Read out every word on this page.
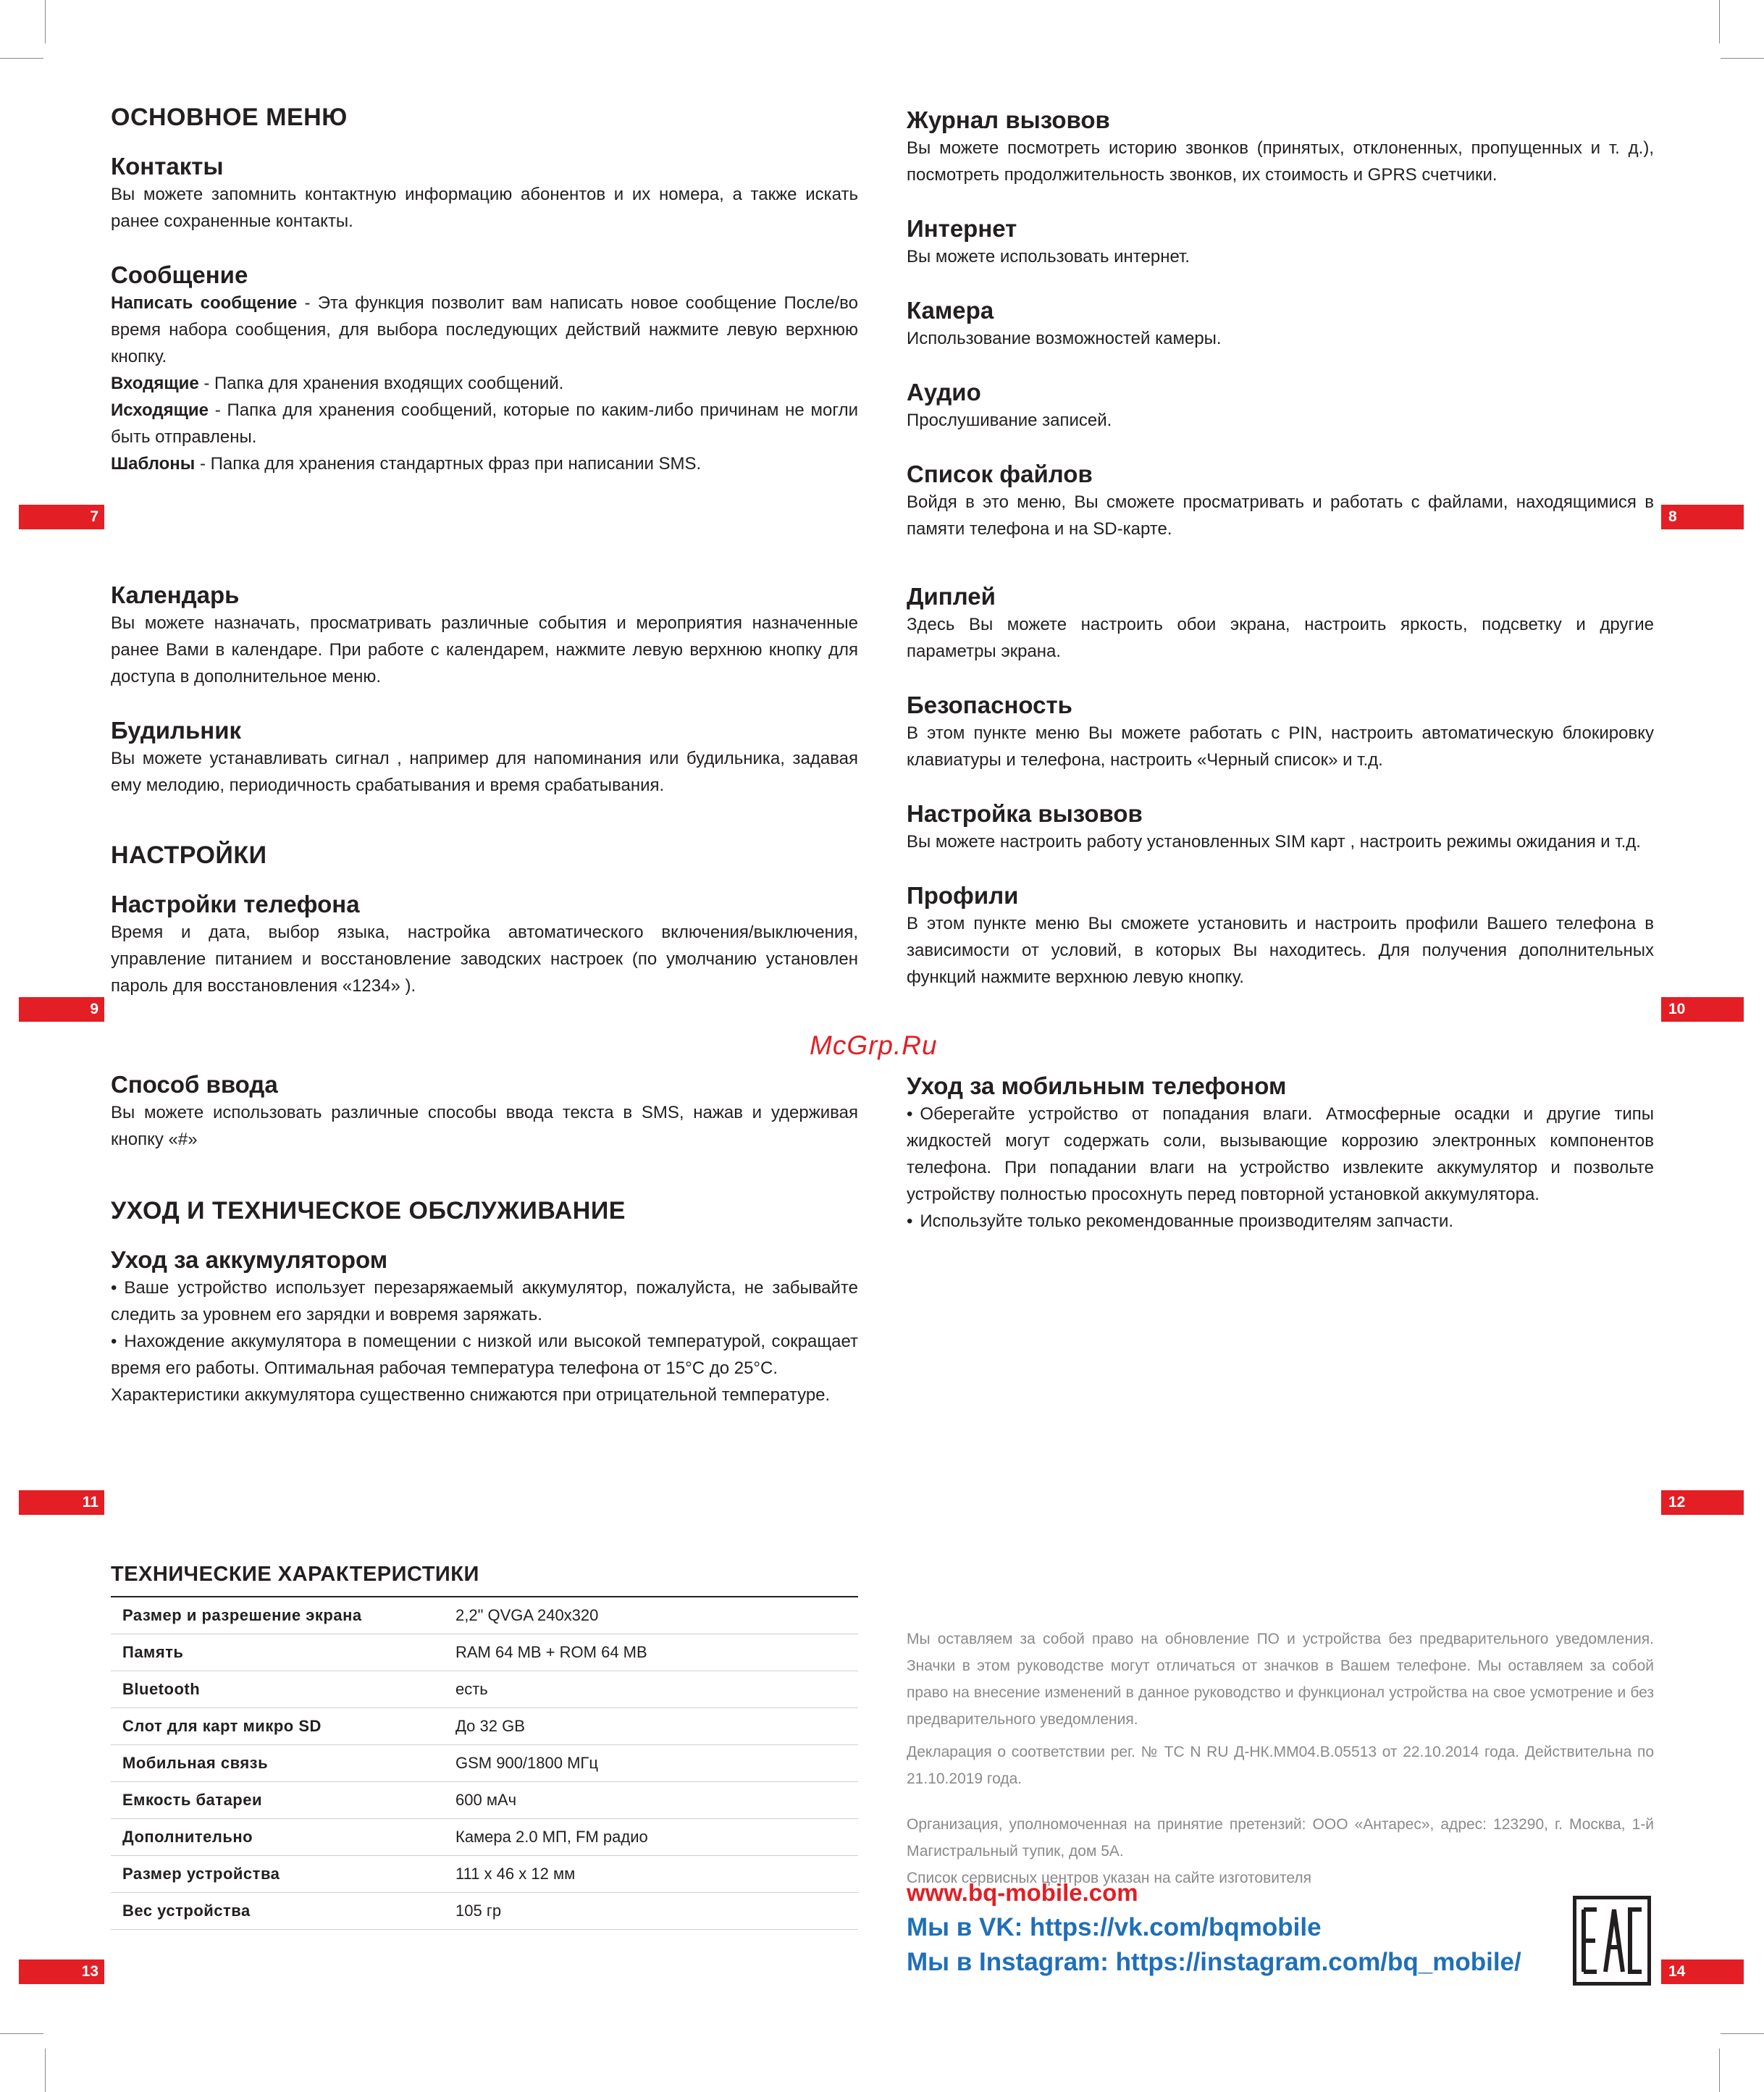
ОСНОВНОЕ МЕНЮ
Контакты

Вы можете запомнить контактную информацию абонентов и их номера, а также искать ранее сохраненные контакты.

Сообщение

Написать сообщение - Эта функция позволит вам написать новое сообщение После/во время набора сообщения, для выбора последующих действий нажмите левую верхнюю кнопку.

Входящие - Папка для хранения входящих сообщений.

Исходящие - Папка для хранения сообщений, которые по каким-либо причинам не могли быть отправлены.

Шаблоны - Папка для хранения стандартных фраз при написании SMS.

7
Журнал вызовов

Вы можете посмотреть историю звонков (принятых, отклоненных, пропущенных и т. д.), посмотреть продолжительность звонков, их стоимость и GPRS счетчики.

Интернет

Вы можете использовать интернет.

Камера

Использование возможностей камеры.

Аудио

Прослушивание записей.

Список файлов

Войдя в это меню, Вы сможете просматривать и работать с файлами, находящимися в памяти телефона и на SD-карте.

8
Календарь

Вы можете назначать, просматривать различные события и мероприятия назначенные ранее Вами в календаре. При работе с календарем, нажмите левую верхнюю кнопку для доступа в дополнительное меню.

Будильник

Вы можете устанавливать сигнал , например для напоминания или будильника, задавая ему мелодию, периодичность срабатывания и время срабатывания.

НАСТРОЙКИ
Настройки телефона

Время и дата, выбор языка, настройка автоматического включения/выключения, управление питанием и восстановление заводских настроек (по умолчанию установлен пароль для восстановления «1234» ).

9
Диплей

Здесь Вы можете настроить обои экрана, настроить яркость, подсветку и другие параметры экрана.

Безопасность

В этом пункте меню Вы можете работать с PIN, настроить автоматическую блокировку клавиатуры и телефона, настроить «Черный список» и т.д.

Настройка вызовов

Вы можете настроить работу установленных SIM карт , настроить режимы ожидания и т.д.

Профили

В этом пункте меню Вы сможете установить и настроить профили Вашего телефона в зависимости от условий, в которых Вы находитесь. Для получения дополнительных функций нажмите верхнюю левую кнопку.

10
McGrp.Ru
Способ ввода

Вы можете использовать различные способы ввода текста в SMS, нажав и удерживая кнопку «#»

УХОД И ТЕХНИЧЕСКОЕ ОБСЛУЖИВАНИЕ
Уход за аккумулятором

• Ваше устройство использует перезаряжаемый аккумулятор, пожалуйста, не забывайте следить за уровнем его зарядки и вовремя заряжать.

• Нахождение аккумулятора в помещении с низкой или высокой температурой, сокращает время его работы. Оптимальная рабочая температура телефона от 15°C до 25°C.

Характеристики аккумулятора существенно снижаются при отрицательной температуре.

11
Уход за мобильным телефоном

• Оберегайте устройство от попадания влаги. Атмосферные осадки и другие типы жидкостей могут содержать соли, вызывающие коррозию электронных компонентов телефона. При попадании влаги на устройство извлеките аккумулятор и позвольте устройству полностью просохнуть перед повторной установкой аккумулятора.

• Используйте только рекомендованные производителям запчасти.

12
ТЕХНИЧЕСКИЕ ХАРАКТЕРИСТИКИ
Размер и разрешение экрана	2,2" QVGA 240x320
Память	RAM 64 MB + ROM 64 MB
Bluetooth	есть
Слот для карт микро SD	До 32 GB
Мобильная связь	GSM 900/1800 МГц
Емкость батареи	600 мАч
Дополнительно	Камера 2.0 МП, FM радио
Размер устройства	111 x 46 x 12 мм
Вес устройства	105 гр
13

Мы оставляем за собой право на обновление ПО и устройства без предварительного уведомления. Значки в этом руководстве могут отличаться от значков в Вашем телефоне. Мы оставляем за собой право на внесение изменений в данное руководство и функционал устройства на свое усмотрение и без предварительного уведомления.

Декларация о соответствии рег. № ТС N RU Д-НК.ММ04.В.05513 от 22.10.2014 года. Действительна по 21.10.2019 года.

Организация, уполномоченная на принятие претензий: ООО «Антарес», адрес: 123290, г. Москва, 1-й Магистральный тупик, дом 5А.

Список сервисных центров указан на сайте изготовителя

www.bq-mobile.com
Мы в VK: https://vk.com/bqmobile
Мы в Instagram: https://instagram.com/bq_mobile/	14
